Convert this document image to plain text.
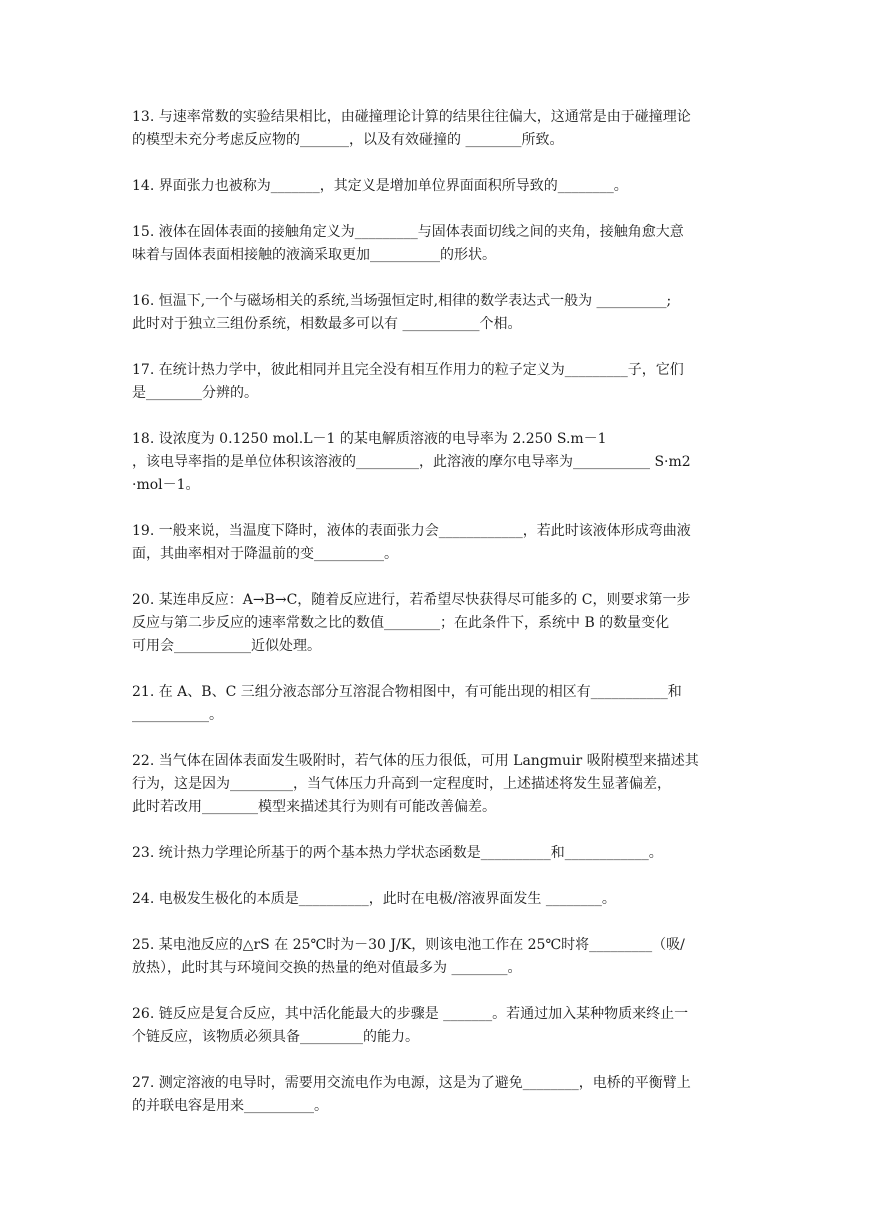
13. 与速率常数的实验结果相比，由碰撞理论计算的结果往往偏大，这通常是由于碰撞理论
的模型未充分考虑反应物的_______，以及有效碰撞的 ________所致。
14. 界面张力也被称为_______，其定义是增加单位界面面积所导致的________。
15. 液体在固体表面的接触角定义为_________与固体表面切线之间的夹角，接触角愈大意
味着与固体表面相接触的液滴采取更加__________的形状。
16. 恒温下,一个与磁场相关的系统,当场强恒定时,相律的数学表达式一般为 __________;
此时对于独立三组份系统，相数最多可以有 ___________个相。
17. 在统计热力学中，彼此相同并且完全没有相互作用力的粒子定义为_________子，它们
是________分辨的。
18. 设浓度为 0.1250 mol.L－1 的某电解质溶液的电导率为 2.250 S.m－1
，该电导率指的是单位体积该溶液的_________，此溶液的摩尔电导率为___________ S·m2
·mol－1。
19. 一般来说，当温度下降时，液体的表面张力会____________，若此时该液体形成弯曲液
面，其曲率相对于降温前的变__________。
20. 某连串反应：A→B→C，随着反应进行，若希望尽快获得尽可能多的 C，则要求第一步
反应与第二步反应的速率常数之比的数值________；在此条件下，系统中 B 的数量变化
可用会___________近似处理。
21. 在 A、B、C 三组分液态部分互溶混合物相图中，有可能出现的相区有___________和
___________。
22. 当气体在固体表面发生吸附时，若气体的压力很低，可用 Langmuir 吸附模型来描述其
行为，这是因为_________，当气体压力升高到一定程度时，上述描述将发生显著偏差，
此时若改用________模型来描述其行为则有可能改善偏差。
23. 统计热力学理论所基于的两个基本热力学状态函数是__________和____________。
24. 电极发生极化的本质是__________，此时在电极/溶液界面发生 ________。
25. 某电池反应的△rS 在 25℃时为－30 J/K，则该电池工作在 25℃时将_________（吸/
放热），此时其与环境间交换的热量的绝对值最多为 ________。
26. 链反应是复合反应，其中活化能最大的步骤是 _______。若通过加入某种物质来终止一
个链反应，该物质必须具备_________的能力。
27. 测定溶液的电导时，需要用交流电作为电源，这是为了避免________，电桥的平衡臂上
的并联电容是用来__________。
